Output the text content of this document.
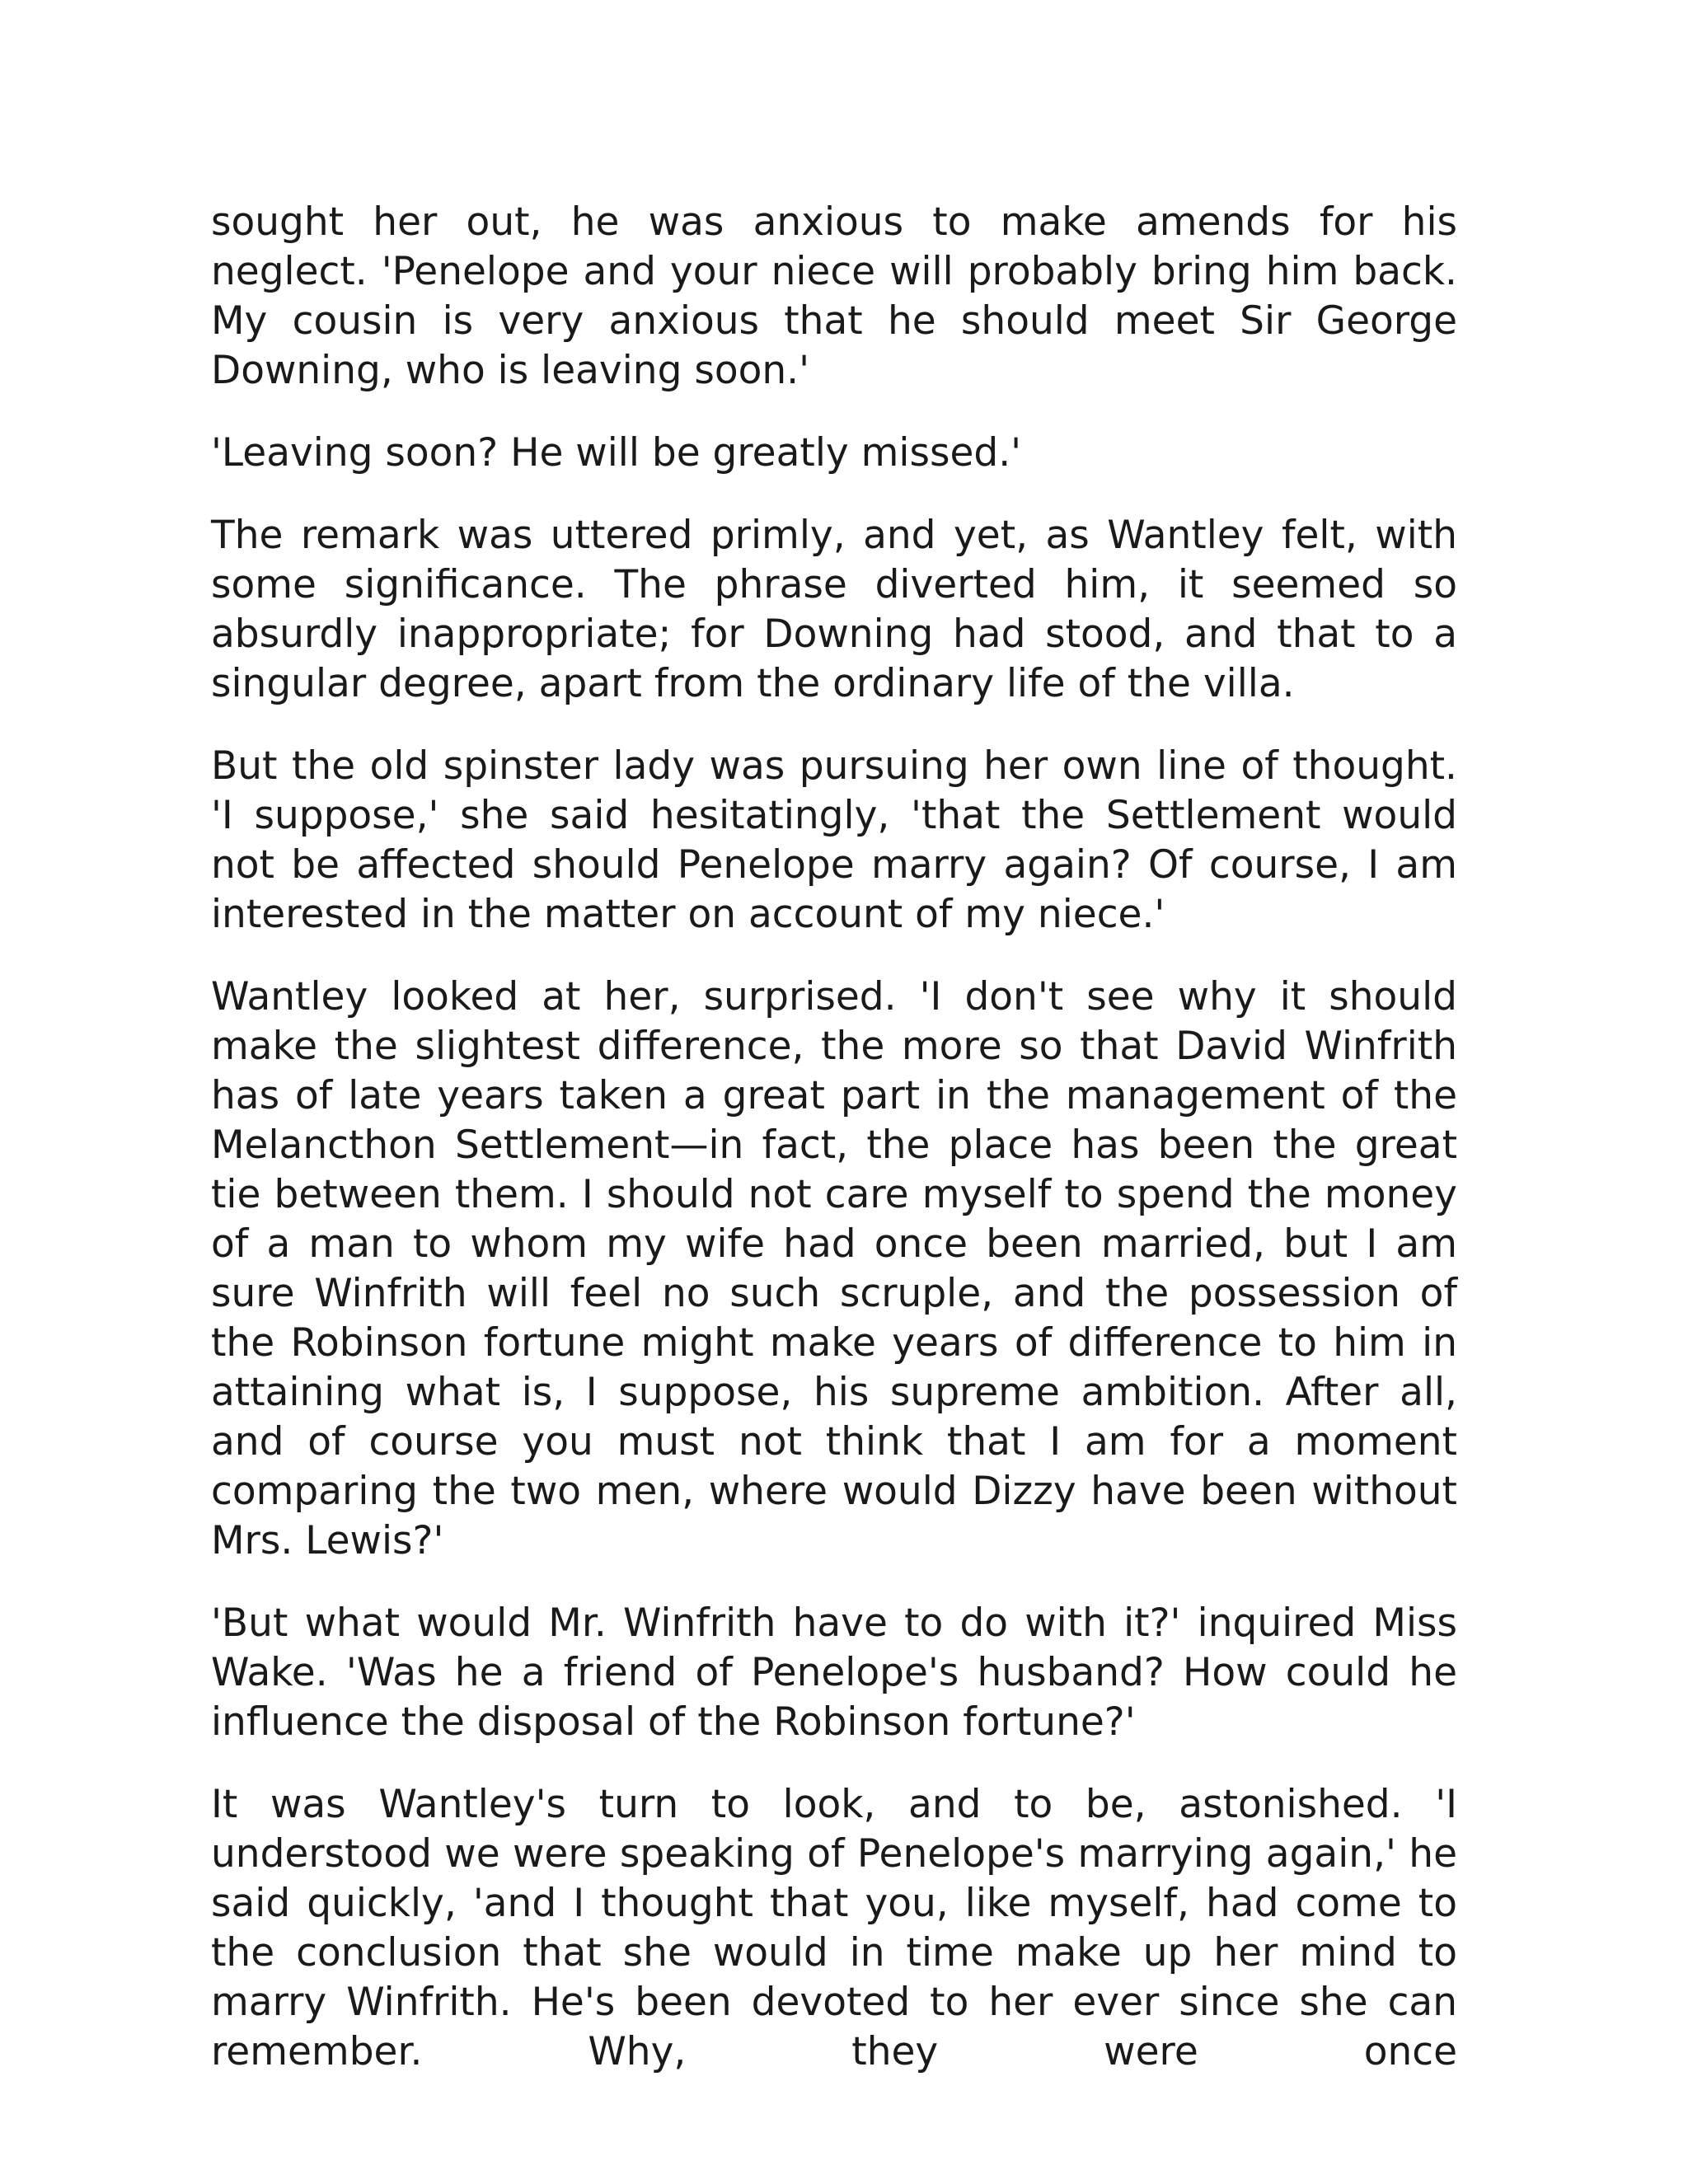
sought her out, he was anxious to make amends for his neglect. 'Penelope and your niece will probably bring him back. My cousin is very anxious that he should meet Sir George Downing, who is leaving soon.'

'Leaving soon? He will be greatly missed.'

The remark was uttered primly, and yet, as Wantley felt, with some significance. The phrase diverted him, it seemed so absurdly inappropriate; for Downing had stood, and that to a singular degree, apart from the ordinary life of the villa.

But the old spinster lady was pursuing her own line of thought. 'I suppose,' she said hesitatingly, 'that the Settlement would not be affected should Penelope marry again? Of course, I am interested in the matter on account of my niece.'

Wantley looked at her, surprised. 'I don't see why it should make the slightest difference, the more so that David Winfrith has of late years taken a great part in the management of the Melancthon Settlement—in fact, the place has been the great tie between them. I should not care myself to spend the money of a man to whom my wife had once been married, but I am sure Winfrith will feel no such scruple, and the possession of the Robinson fortune might make years of difference to him in attaining what is, I suppose, his supreme ambition. After all, and of course you must not think that I am for a moment comparing the two men, where would Dizzy have been without Mrs. Lewis?'

'But what would Mr. Winfrith have to do with it?' inquired Miss Wake. 'Was he a friend of Penelope's husband? How could he influence the disposal of the Robinson fortune?'

It was Wantley's turn to look, and to be, astonished. 'I understood we were speaking of Penelope's marrying again,' he said quickly, 'and I thought that you, like myself, had come to the conclusion that she would in time make up her mind to marry Winfrith. He's been devoted to her ever since she can remember. Why, they were once
